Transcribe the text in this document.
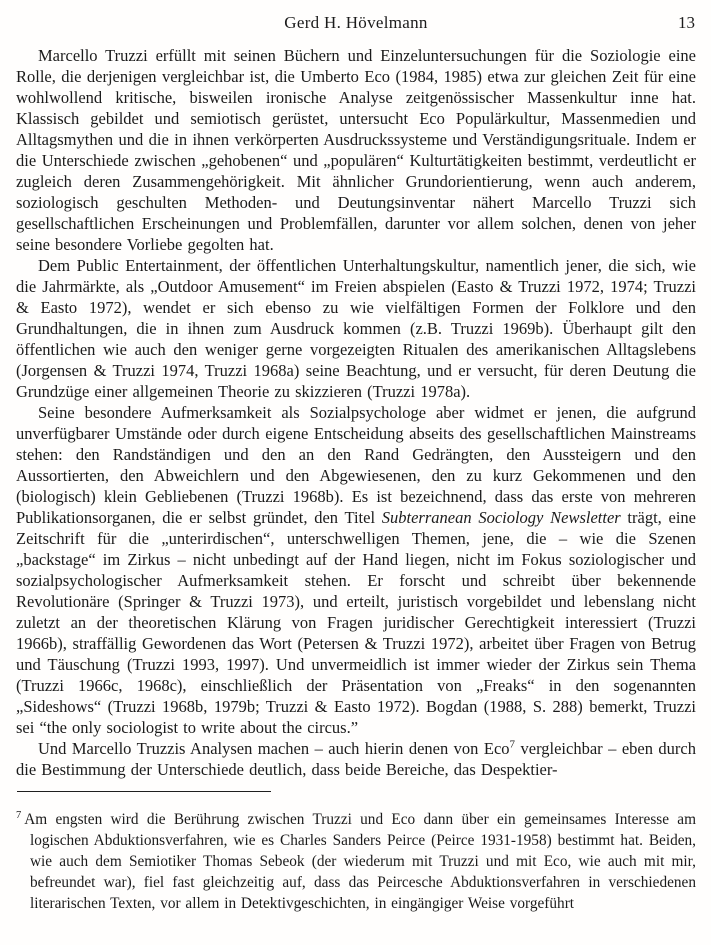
Gerd H. Hövelmann	13

Marcello Truzzi erfüllt mit seinen Büchern und Einzeluntersuchungen für die Soziologie eine Rolle, die derjenigen vergleichbar ist, die Umberto Eco (1984, 1985) etwa zur gleichen Zeit für eine wohlwollend kritische, bisweilen ironische Analyse zeitgenössischer Massenkultur inne hat. Klassisch gebildet und semiotisch gerüstet, untersucht Eco Populärkultur, Massenmedien und Alltagsmythen und die in ihnen verkörperten Ausdruckssysteme und Verständigungsrituale. Indem er die Unterschiede zwischen „gehobenen“ und „populären“ Kulturtätigkeiten bestimmt, verdeutlicht er zugleich deren Zusammengehörigkeit. Mit ähnlicher Grundorientierung, wenn auch anderem, soziologisch geschulten Methoden- und Deutungsinventar nähert Marcello Truzzi sich gesellschaftlichen Erscheinungen und Problemfällen, darunter vor allem solchen, denen von jeher seine besondere Vorliebe gegolten hat.

Dem Public Entertainment, der öffentlichen Unterhaltungskultur, namentlich jener, die sich, wie die Jahrmärkte, als „Outdoor Amusement“ im Freien abspielen (Easto & Truzzi 1972, 1974; Truzzi & Easto 1972), wendet er sich ebenso zu wie vielfältigen Formen der Folklore und den Grundhaltungen, die in ihnen zum Ausdruck kommen (z.B. Truzzi 1969b). Überhaupt gilt den öffentlichen wie auch den weniger gerne vorgezeigten Ritualen des amerikanischen Alltagslebens (Jorgensen & Truzzi 1974, Truzzi 1968a) seine Beachtung, und er versucht, für deren Deutung die Grundzüge einer allgemeinen Theorie zu skizzieren (Truzzi 1978a).

Seine besondere Aufmerksamkeit als Sozialpsychologe aber widmet er jenen, die aufgrund unverfügbarer Umstände oder durch eigene Entscheidung abseits des gesellschaftlichen Mainstreams stehen: den Randständigen und den an den Rand Gedrängten, den Aussteigern und den Aussortierten, den Abweichlern und den Abgewiesenen, den zu kurz Gekommenen und den (biologisch) klein Gebliebenen (Truzzi 1968b). Es ist bezeichnend, dass das erste von mehreren Publikationsorganen, die er selbst gründet, den Titel Subterranean Sociology Newsletter trägt, eine Zeitschrift für die „unterirdischen“, unterschwelligen Themen, jene, die – wie die Szenen „backstage“ im Zirkus – nicht unbedingt auf der Hand liegen, nicht im Fokus soziologischer und sozialpsychologischer Aufmerksamkeit stehen. Er forscht und schreibt über bekennende Revolutionäre (Springer & Truzzi 1973), und erteilt, juristisch vorgebildet und lebenslang nicht zuletzt an der theoretischen Klärung von Fragen juridischer Gerechtigkeit interessiert (Truzzi 1966b), straffällig Gewordenen das Wort (Petersen & Truzzi 1972), arbeitet über Fragen von Betrug und Täuschung (Truzzi 1993, 1997). Und unvermeidlich ist immer wieder der Zirkus sein Thema (Truzzi 1966c, 1968c), einschließlich der Präsentation von „Freaks“ in den sogenannten „Sideshows“ (Truzzi 1968b, 1979b; Truzzi & Easto 1972). Bogdan (1988, S. 288) bemerkt, Truzzi sei “the only sociologist to write about the circus.”

Und Marcello Truzzis Analysen machen – auch hierin denen von Eco$^7$ vergleichbar – eben durch die Bestimmung der Unterschiede deutlich, dass beide Bereiche, das Despektier-

$^7$ Am engsten wird die Berührung zwischen Truzzi und Eco dann über ein gemeinsames Interesse am logischen Abduktionsverfahren, wie es Charles Sanders Peirce (Peirce 1931-1958) bestimmt hat. Beiden, wie auch dem Semiotiker Thomas Sebeok (der wiederum mit Truzzi und mit Eco, wie auch mit mir, befreundet war), fiel fast gleichzeitig auf, dass das Peircesche Abduktionsverfahren in verschiedenen literarischen Texten, vor allem in Detektivgeschichten, in eingängiger Weise vorgeführt
